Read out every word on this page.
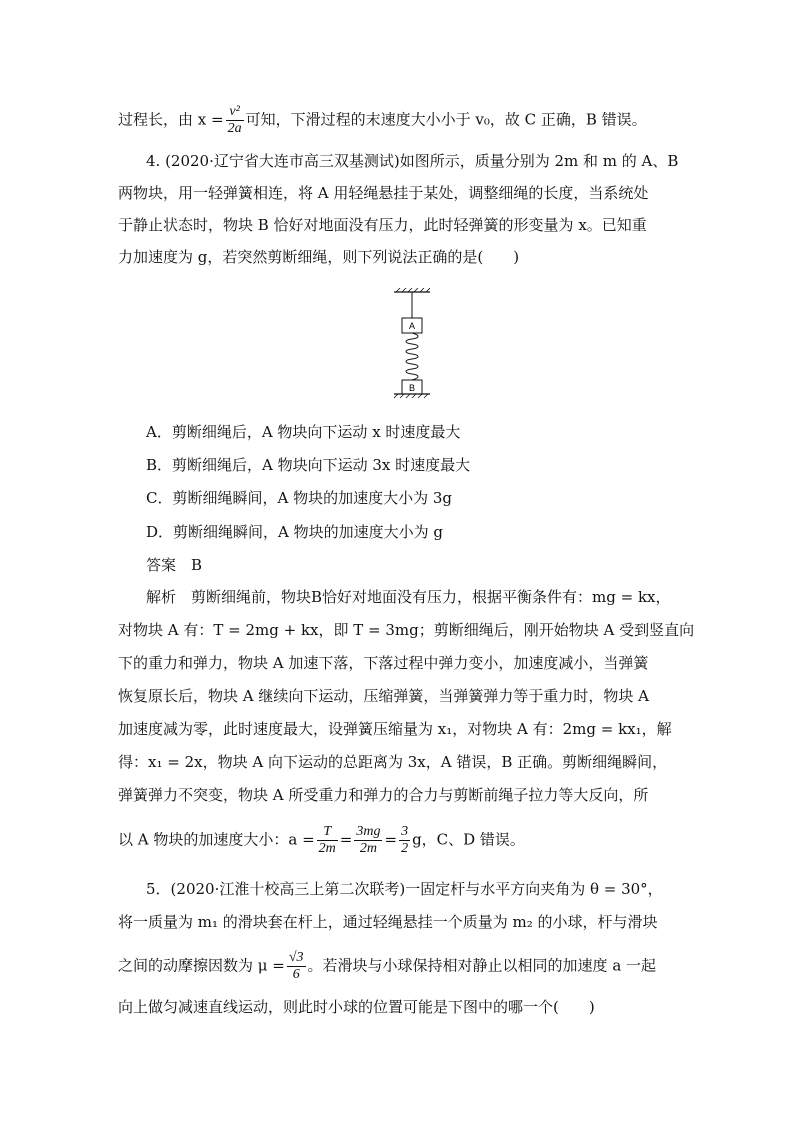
过程长，由 $x = \frac{\text{v²}}{2a}$ 可知，下滑过程的末速度大小小于 v₀，故 C 正确，B 错误。
4. (2020·辽宁省大连市高三双基测试)如图所示，质量分别为 2m 和 m 的 A、B
两物块，用一轻弹簧相连，将 A 用轻绳悬挂于某处，调整细绳的长度，当系统处
于静止状态时，物块 B 恰好对地面没有压力，此时轻弹簧的形变量为 x。已知重
力加速度为 g，若突然剪断细绳，则下列说法正确的是(　　)
A
B
A．剪断细绳后，A 物块向下运动 x 时速度最大
B．剪断细绳后，A 物块向下运动 3x 时速度最大
C．剪断细绳瞬间，A 物块的加速度大小为 3g
D．剪断细绳瞬间，A 物块的加速度大小为 g
答案　B
解析　剪断细绳前，物块B恰好对地面没有压力，根据平衡条件有：mg = kx，
对物块 A 有：T = 2mg + kx，即 T = 3mg；剪断细绳后，刚开始物块 A 受到竖直向
下的重力和弹力，物块 A 加速下落，下落过程中弹力变小，加速度减小，当弹簧
恢复原长后，物块 A 继续向下运动，压缩弹簧，当弹簧弹力等于重力时，物块 A
加速度减为零，此时速度最大，设弹簧压缩量为 x₁，对物块 A 有：2mg = kx₁，解
得：x₁ = 2x，物块 A 向下运动的总距离为 3x，A 错误，B 正确。剪断细绳瞬间，
弹簧弹力不突变，物块 A 所受重力和弹力的合力与剪断前绳子拉力等大反向，所
以 A 物块的加速度大小：$a = \frac{T}{2m} = \frac{3mg}{2m} = \frac{3}{2}$ g，C、D 错误。
5．(2020·江淮十校高三上第二次联考)一固定杆与水平方向夹角为 θ = 30°，
将一质量为 m₁ 的滑块套在杆上，通过轻绳悬挂一个质量为 m₂ 的小球，杆与滑块
之间的动摩擦因数为 $\mu = \frac{√3}{6}$ 。若滑块与小球保持相对静止以相同的加速度 a 一起
向上做匀减速直线运动，则此时小球的位置可能是下图中的哪一个(　　)
